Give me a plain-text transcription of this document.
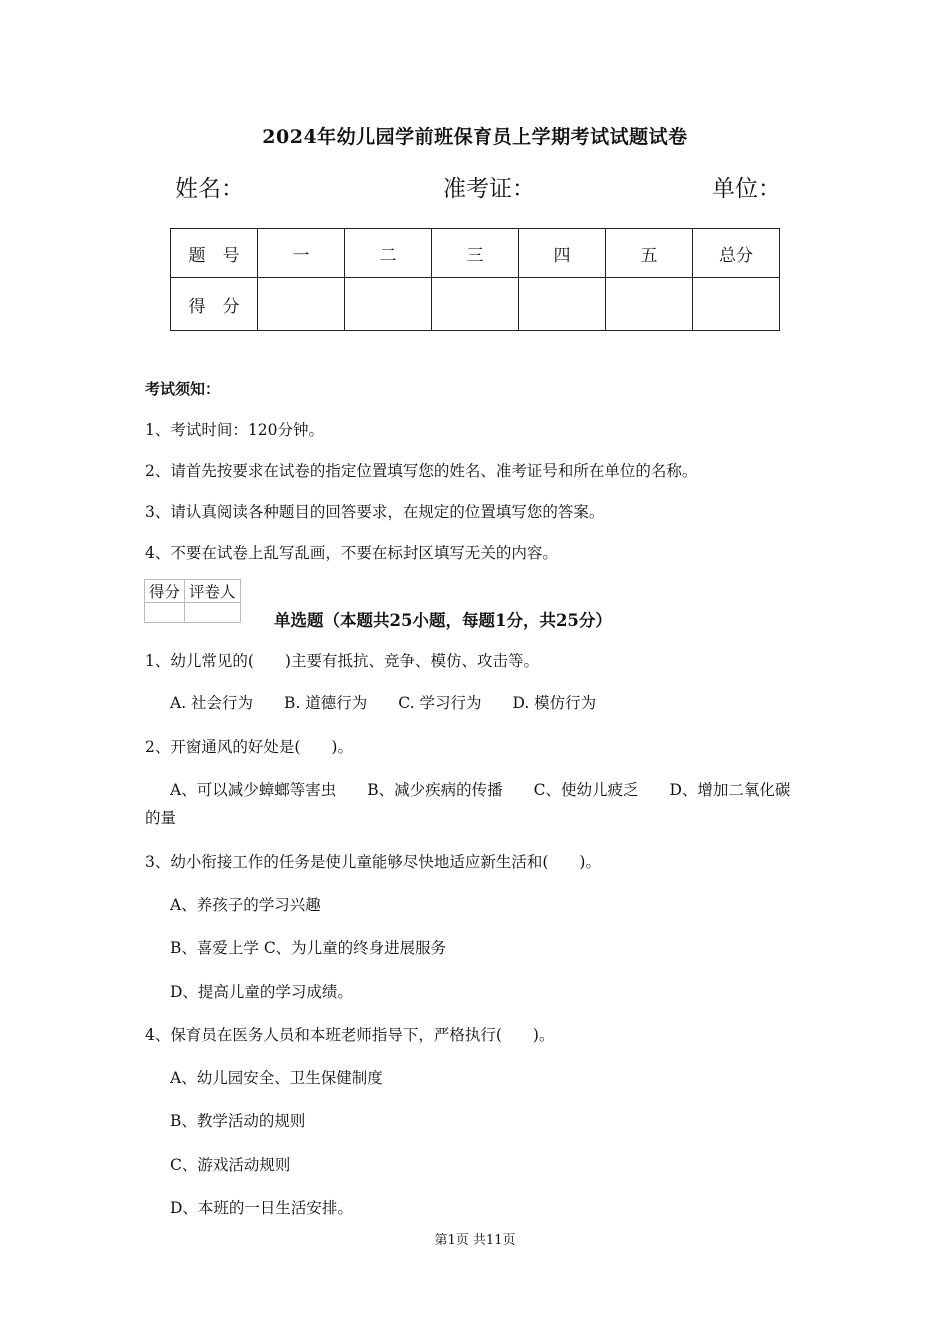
2024年幼儿园学前班保育员上学期考试试题试卷
姓名：	准考证：	单位：
题　号	一	二	三	四	五	总分
得　分						
考试须知：
1、考试时间：120分钟。
2、请首先按要求在试卷的指定位置填写您的姓名、准考证号和所在单位的名称。
3、请认真阅读各种题目的回答要求，在规定的位置填写您的答案。
4、不要在试卷上乱写乱画，不要在标封区填写无关的内容。
得分	评卷人

单选题（本题共25小题，每题1分，共25分）
1、幼儿常见的(　　)主要有抵抗、竞争、模仿、攻击等。
A. 社会行为　　B. 道德行为　　C. 学习行为　　D. 模仿行为
2、开窗通风的好处是(　　)。
A、可以减少蟑螂等害虫　　B、减少疾病的传播　　C、使幼儿疲乏　　D、增加二氧化碳
的量
3、幼小衔接工作的任务是使儿童能够尽快地适应新生活和(　　)。
A、养孩子的学习兴趣
B、喜爱上学 C、为儿童的终身进展服务
D、提高儿童的学习成绩。
4、保育员在医务人员和本班老师指导下，严格执行(　　)。
A、幼儿园安全、卫生保健制度
B、教学活动的规则
C、游戏活动规则
D、本班的一日生活安排。
第1页 共11页
